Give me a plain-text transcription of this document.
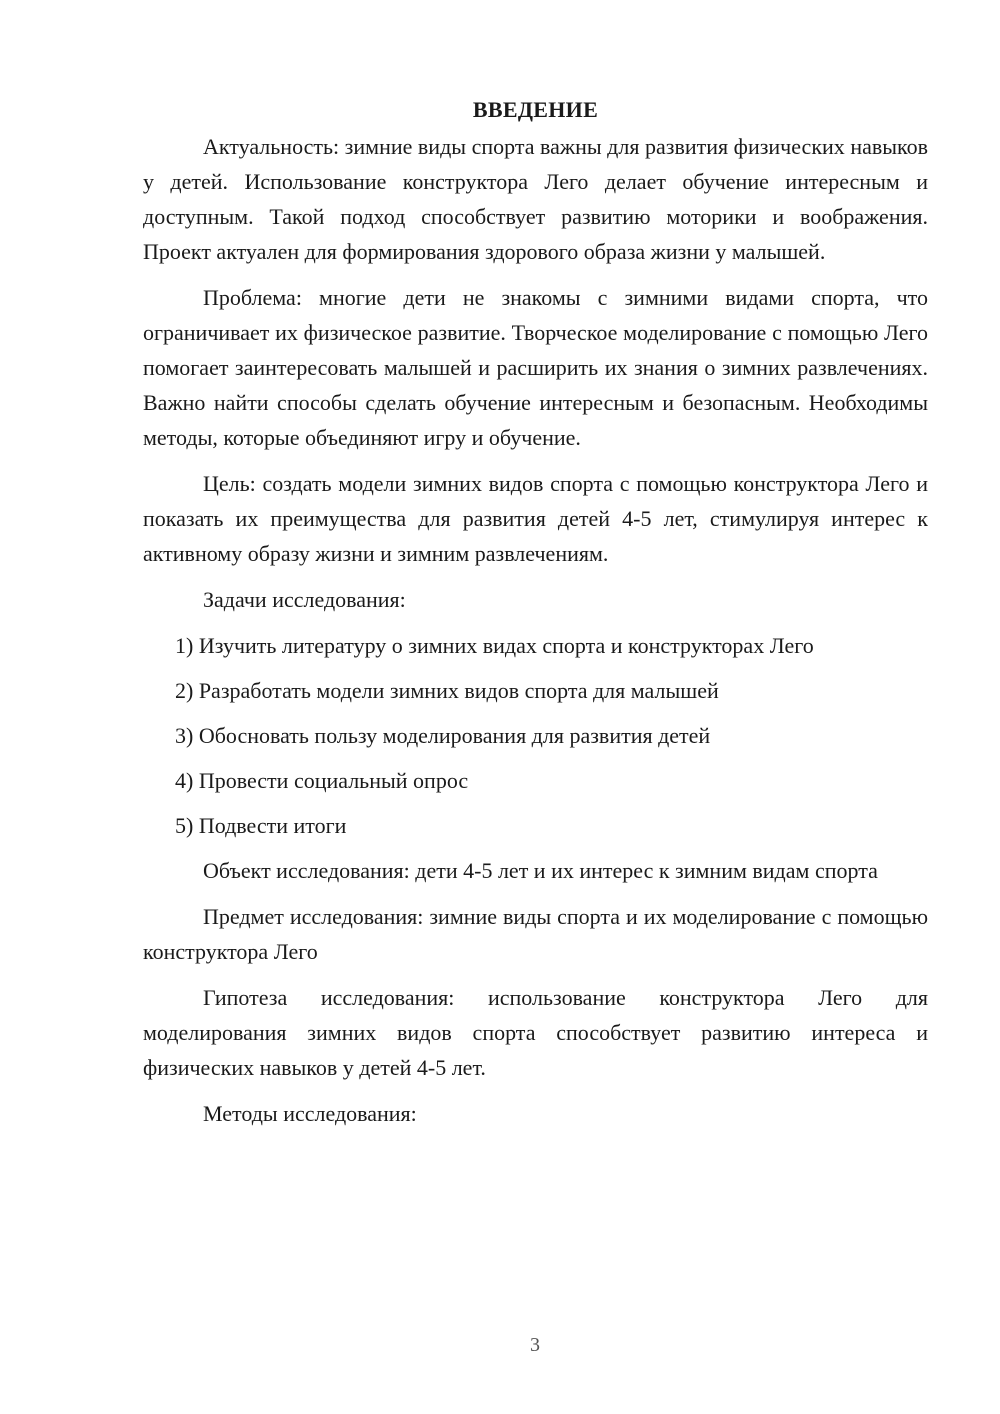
ВВЕДЕНИЕ

Актуальность: зимние виды спорта важны для развития физических навыков у детей. Использование конструктора Лего делает обучение интересным и доступным. Такой подход способствует развитию моторики и воображения. Проект актуален для формирования здорового образа жизни у малышей.

Проблема: многие дети не знакомы с зимними видами спорта, что ограничивает их физическое развитие. Творческое моделирование с помощью Лего помогает заинтересовать малышей и расширить их знания о зимних развлечениях. Важно найти способы сделать обучение интересным и безопасным. Необходимы методы, которые объединяют игру и обучение.

Цель: создать модели зимних видов спорта с помощью конструктора Лего и показать их преимущества для развития детей 4-5 лет, стимулируя интерес к активному образу жизни и зимним развлечениям.

Задачи исследования:

1) Изучить литературу о зимних видах спорта и конструкторах Лего
2) Разработать модели зимних видов спорта для малышей
3) Обосновать пользу моделирования для развития детей
4) Провести социальный опрос
5) Подвести итоги

Объект исследования: дети 4-5 лет и их интерес к зимним видам спорта

Предмет исследования: зимние виды спорта и их моделирование с помощью конструктора Лего

Гипотеза исследования: использование конструктора Лего для моделирования зимних видов спорта способствует развитию интереса и физических навыков у детей 4-5 лет.

Методы исследования:

3
